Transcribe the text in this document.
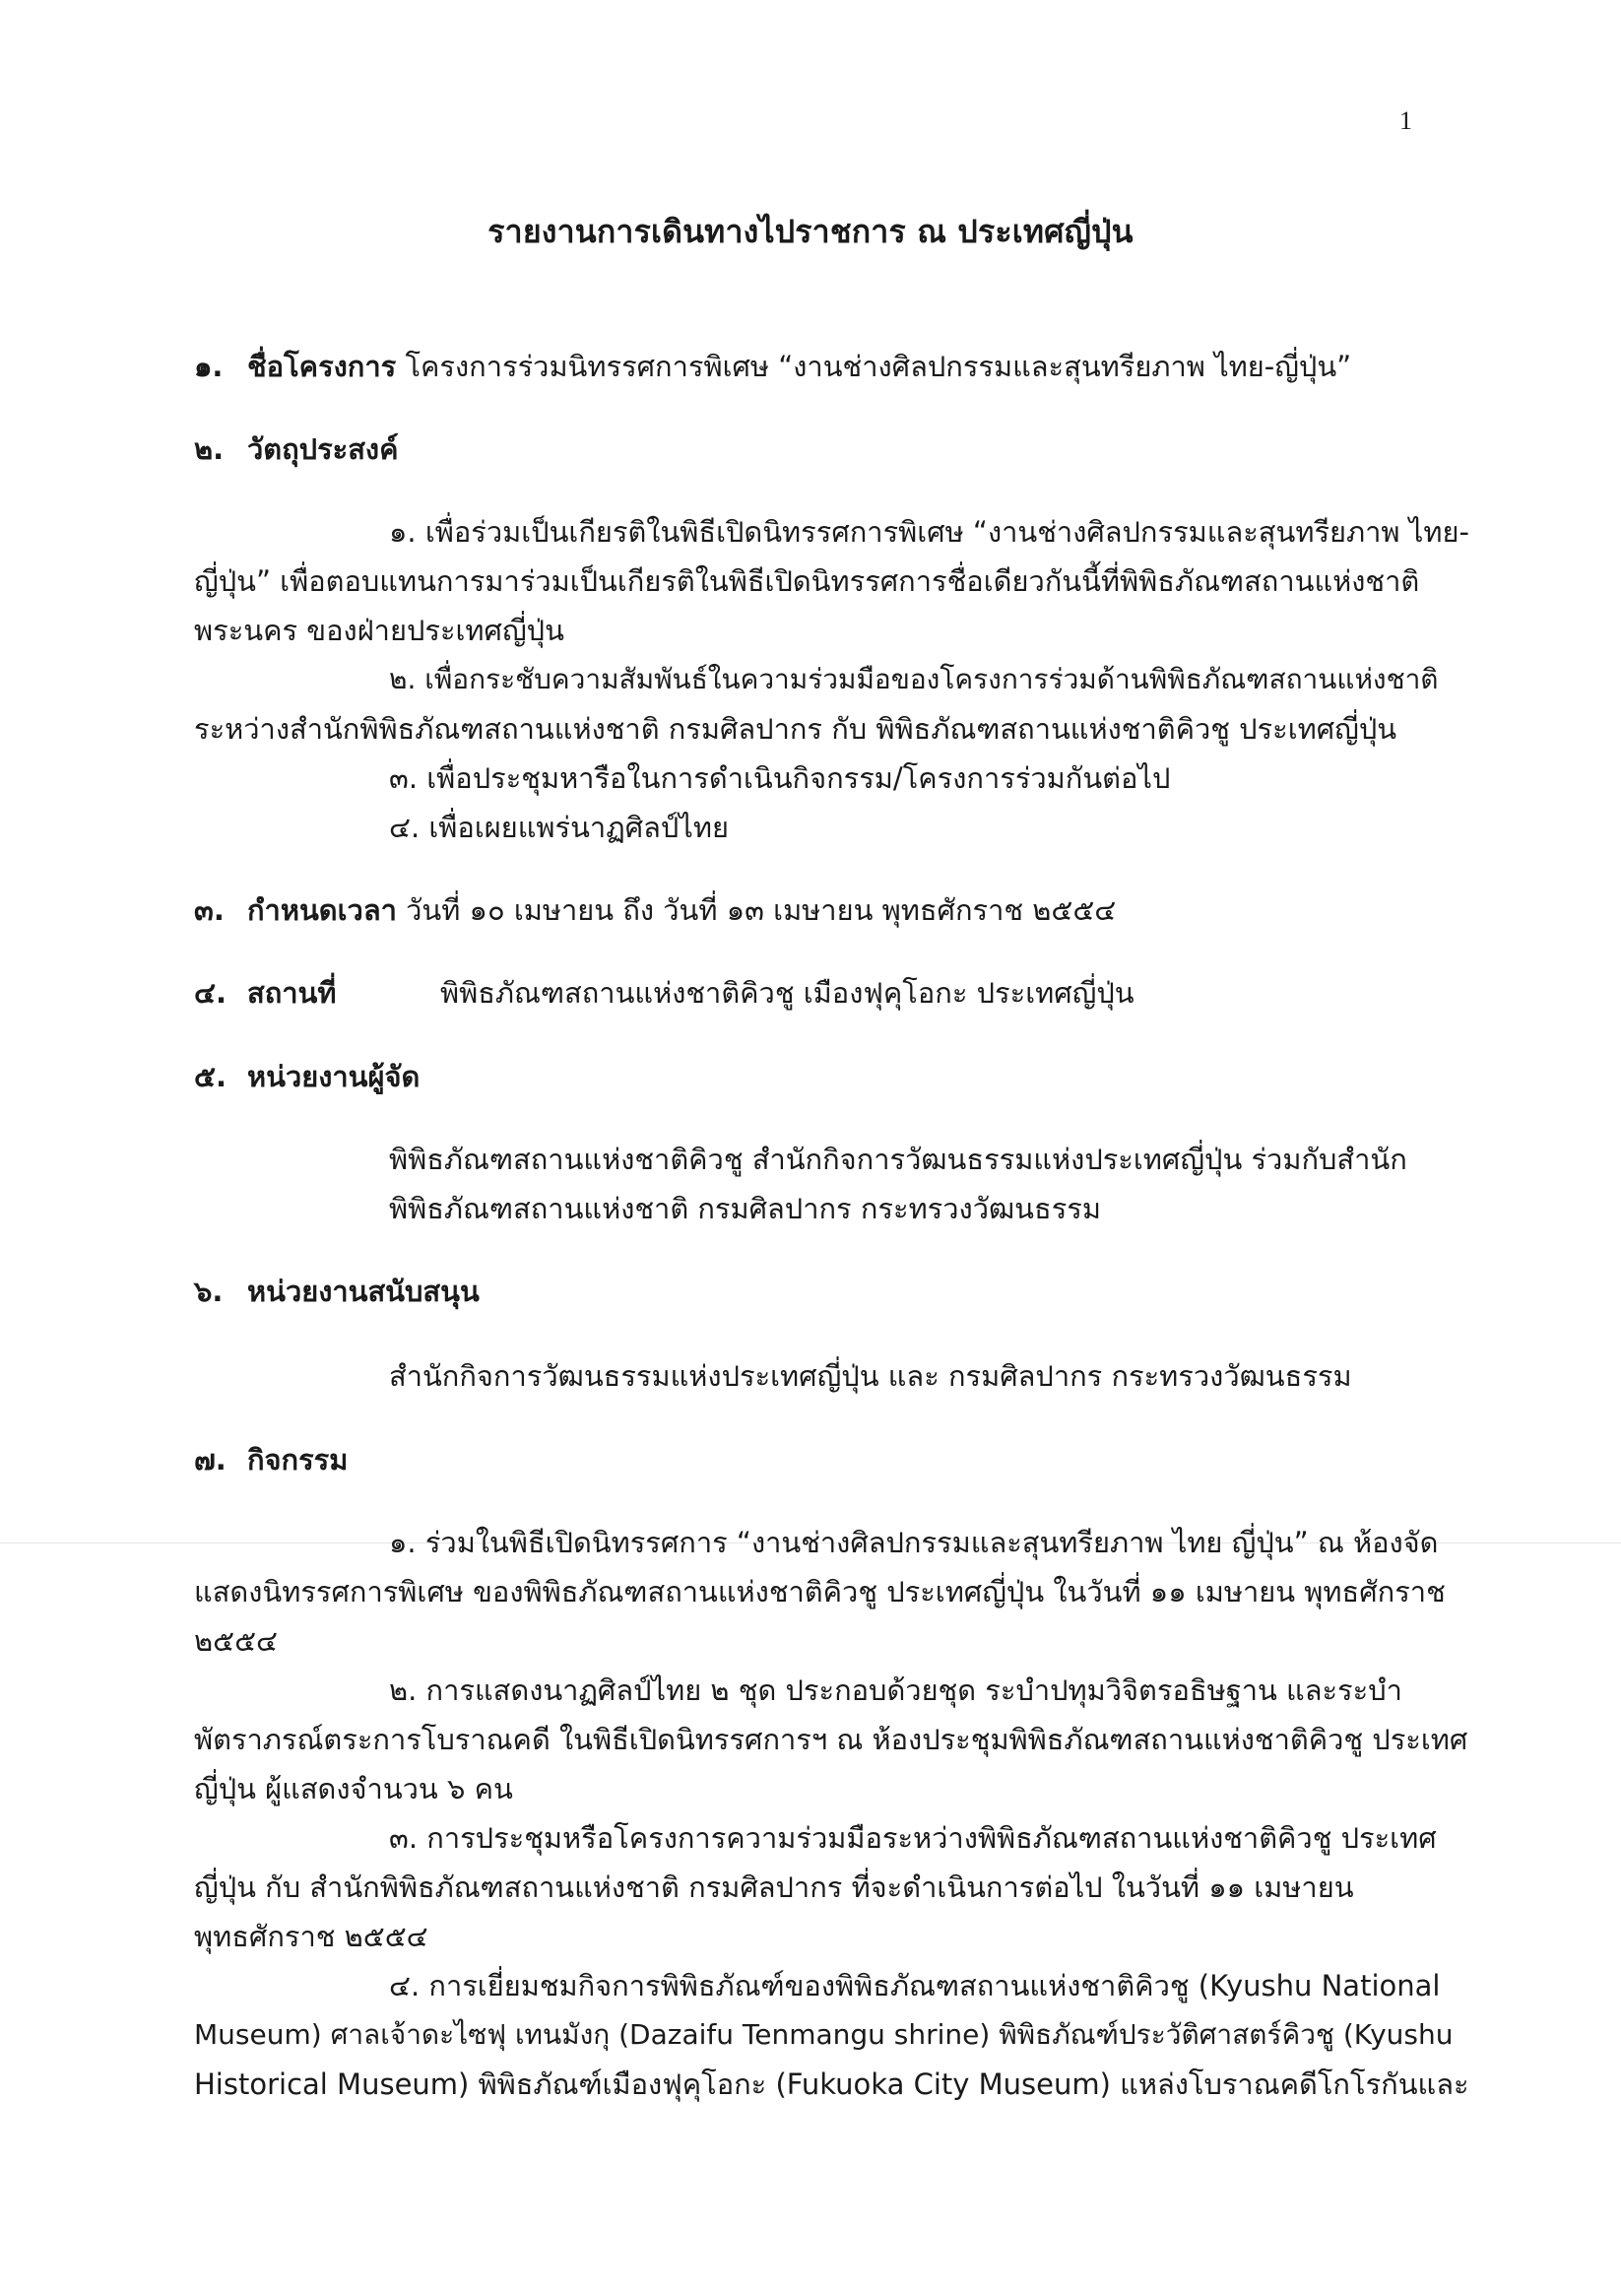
1
รายงานการเดินทางไปราชการ ณ ประเทศญี่ปุ่น
๑. ชื่อโครงการ โครงการร่วมนิทรรศการพิเศษ “งานช่างศิลปกรรมและสุนทรียภาพ ไทย-ญี่ปุ่น”
๒. วัตถุประสงค์
๑. เพื่อร่วมเป็นเกียรติในพิธีเปิดนิทรรศการพิเศษ “งานช่างศิลปกรรมและสุนทรียภาพ ไทย-
ญี่ปุ่น” เพื่อตอบแทนการมาร่วมเป็นเกียรติในพิธีเปิดนิทรรศการชื่อเดียวกันนี้ที่พิพิธภัณฑสถานแห่งชาติ
พระนคร ของฝ่ายประเทศญี่ปุ่น
๒. เพื่อกระชับความสัมพันธ์ในความร่วมมือของโครงการร่วมด้านพิพิธภัณฑสถานแห่งชาติ
ระหว่างสำนักพิพิธภัณฑสถานแห่งชาติ กรมศิลปากร กับ พิพิธภัณฑสถานแห่งชาติคิวชู ประเทศญี่ปุ่น
๓. เพื่อประชุมหารือในการดำเนินกิจกรรม/โครงการร่วมกันต่อไป
๔. เพื่อเผยแพร่นาฏศิลป์ไทย
๓. กำหนดเวลา วันที่ ๑๐ เมษายน ถึง วันที่ ๑๓ เมษายน พุทธศักราช ๒๕๕๔
๔. สถานที่	พิพิธภัณฑสถานแห่งชาติคิวชู เมืองฟุคุโอกะ ประเทศญี่ปุ่น
๕. หน่วยงานผู้จัด
พิพิธภัณฑสถานแห่งชาติคิวชู สำนักกิจการวัฒนธรรมแห่งประเทศญี่ปุ่น ร่วมกับสำนัก
พิพิธภัณฑสถานแห่งชาติ กรมศิลปากร กระทรวงวัฒนธรรม
๖. หน่วยงานสนับสนุน
สำนักกิจการวัฒนธรรมแห่งประเทศญี่ปุ่น และ กรมศิลปากร กระทรวงวัฒนธรรม
๗. กิจกรรม
๑. ร่วมในพิธีเปิดนิทรรศการ “งานช่างศิลปกรรมและสุนทรียภาพ ไทย ญี่ปุ่น” ณ ห้องจัด
แสดงนิทรรศการพิเศษ ของพิพิธภัณฑสถานแห่งชาติคิวชู ประเทศญี่ปุ่น ในวันที่ ๑๑ เมษายน พุทธศักราช
๒๕๕๔
๒. การแสดงนาฏศิลป์ไทย ๒ ชุด ประกอบด้วยชุด ระบำปทุมวิจิตรอธิษฐาน และระบำ
พัตราภรณ์ตระการโบราณคดี ในพิธีเปิดนิทรรศการฯ ณ ห้องประชุมพิพิธภัณฑสถานแห่งชาติคิวชู ประเทศ
ญี่ปุ่น ผู้แสดงจำนวน ๖ คน
๓. การประชุมหรือโครงการความร่วมมือระหว่างพิพิธภัณฑสถานแห่งชาติคิวชู ประเทศ
ญี่ปุ่น กับ สำนักพิพิธภัณฑสถานแห่งชาติ กรมศิลปากร ที่จะดำเนินการต่อไป ในวันที่ ๑๑ เมษายน
พุทธศักราช ๒๕๕๔
๔. การเยี่ยมชมกิจการพิพิธภัณฑ์ของพิพิธภัณฑสถานแห่งชาติคิวชู (Kyushu National
Museum) ศาลเจ้าดะไซฟุ เทนมังกุ (Dazaifu Tenmangu shrine) พิพิธภัณฑ์ประวัติศาสตร์คิวชู (Kyushu
Historical Museum) พิพิธภัณฑ์เมืองฟุคุโอกะ (Fukuoka City Museum) แหล่งโบราณคดีโกโรกันและ
